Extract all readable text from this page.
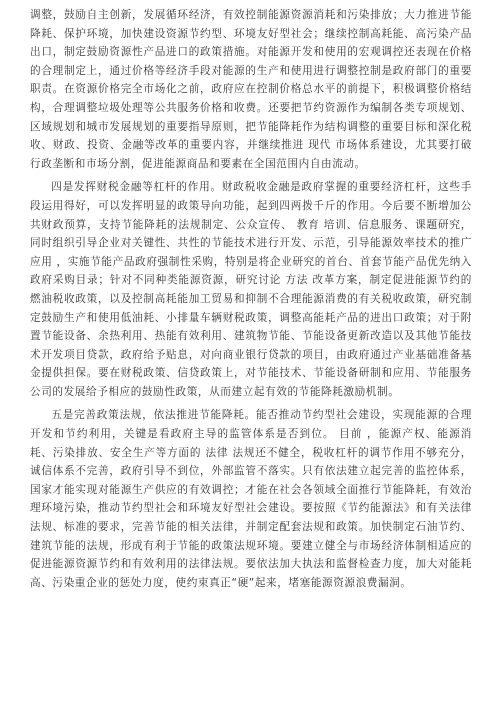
调整，鼓励自主创新，发展循环经济，有效控制能源资源消耗和污染排放；大力推进节能降耗、保护环境，加快建设资源节约型、环境友好型社会；继续控制高耗能、高污染产品出口，制定鼓励资源性产品进口的政策措施。对能源开发和使用的宏观调控还表现在价格的合理制定上，通过价格等经济手段对能源的生产和使用进行调整控制是政府部门的重要职责。在资源价格完全市场化之前，政府应在控制价格总水平的前提下，积极调整价格结构，合理调整垃圾处理等公共服务价格和收费。还要把节约资源作为编制各类专项规划、区域规划和城市发展规划的重要指导原则，把节能降耗作为结构调整的重要目标和深化税收、财政、投资、金融等改革的重要内容，并继续推进 现代 市场体系建设，尤其要打破行政垄断和市场分割，促进能源商品和要素在全国范围内自由流动。

四是发挥财税金融等杠杆的作用。财政税收金融是政府掌握的重要经济杠杆，这些手段运用得好，可以发挥明显的政策导向功能，起到四两拨千斤的作用。今后要不断增加公共财政预算，支持节能降耗的法规制定、公众宣传、 教育 培训、信息服务、课题研究，同时组织引导企业对关键性、共性的节能技术进行开发、示范，引导能源效率技术的推广 应用 ，实施节能产品政府强制性采购，特别是将企业研究的首台、首套节能产品优先纳入政府采购目录；针对不同种类能源资源，研究讨论 方法 改革方案，制定促进能源节约的燃油税收政策，以及控制高耗能加工贸易和抑制不合理能源消费的有关税收政策，研究制定鼓励生产和使用低油耗、小排量车辆财税政策，调整高能耗产品的进出口政策；对于附置节能设备、余热利用、热能有效利用、建筑物节能、节能设备更新改造以及其他节能技术开发项目贷款，政府给予贴息，对向商业银行贷款的项目，由政府通过产业基础准备基金提供担保。要在财税政策、信贷政策上，对节能技术、节能设备研制和应用、节能服务公司的发展给予相应的鼓励性政策，从而建立起有效的节能降耗激励机制。

五是完善政策法规，依法推进节能降耗。能否推动节约型社会建设，实现能源的合理开发和节约利用，关键是看政府主导的监管体系是否到位。 目前 ，能源产权、能源消耗、污染排放、安全生产等方面的 法律 法规还不健全，税收杠杆的调节作用不够充分，诚信体系不完善，政府引导不到位，外部监管不落实。只有依法建立起完善的监控体系，国家才能实现对能源生产供应的有效调控；才能在社会各领域全面推行节能降耗，有效治理环境污染，推动节约型社会和环境友好型社会建设。要按照《节约能源法》和有关法律法规、标准的要求，完善节能的相关法律，并制定配套法规和政策。加快制定石油节约、建筑节能的法规，形成有利于节能的政策法规环境。要建立健全与市场经济体制相适应的促进能源资源节约和有效利用的法律法规。要依法加大执法和监督检查力度，加大对能耗高、污染重企业的惩处力度，使约束真正“硬”起来，堵塞能源资源浪费漏洞。
